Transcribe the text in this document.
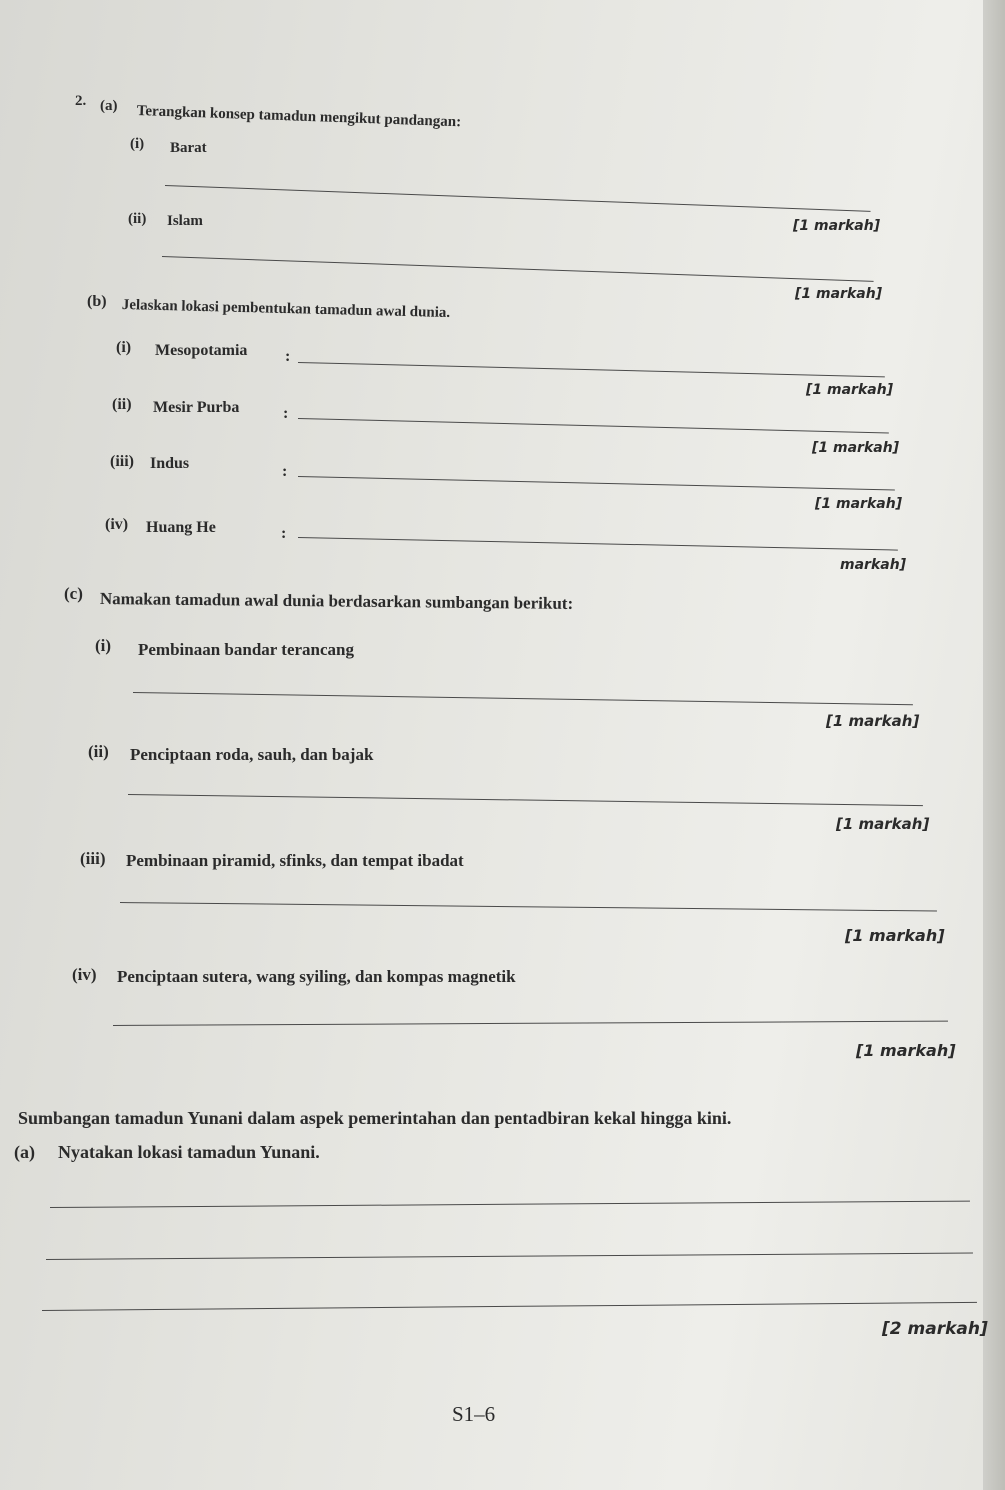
2. (a) Terangkan konsep tamadun mengikut pandangan:
(i) Barat
[1 markah]
(ii) Islam
[1 markah]
(b) Jelaskan lokasi pembentukan tamadun awal dunia.
(i) Mesopotamia :
[1 markah]
(ii) Mesir Purba	:
[1 markah]
(iii) Indus	:
[1 markah]
(iv) Huang He	:
markah]
(c) Namakan tamadun awal dunia berdasarkan sumbangan berikut:
(i) Pembinaan bandar terancang
[1 markah]
(ii) Penciptaan roda, sauh, dan bajak
[1 markah]
(iii) Pembinaan piramid, sfinks, dan tempat ibadat
[1 markah]
(iv) Penciptaan sutera, wang syiling, dan kompas magnetik
[1 markah]
Sumbangan tamadun Yunani dalam aspek pemerintahan dan pentadbiran kekal hingga kini.
(a) Nyatakan lokasi tamadun Yunani.
[2 markah]
S1–6
